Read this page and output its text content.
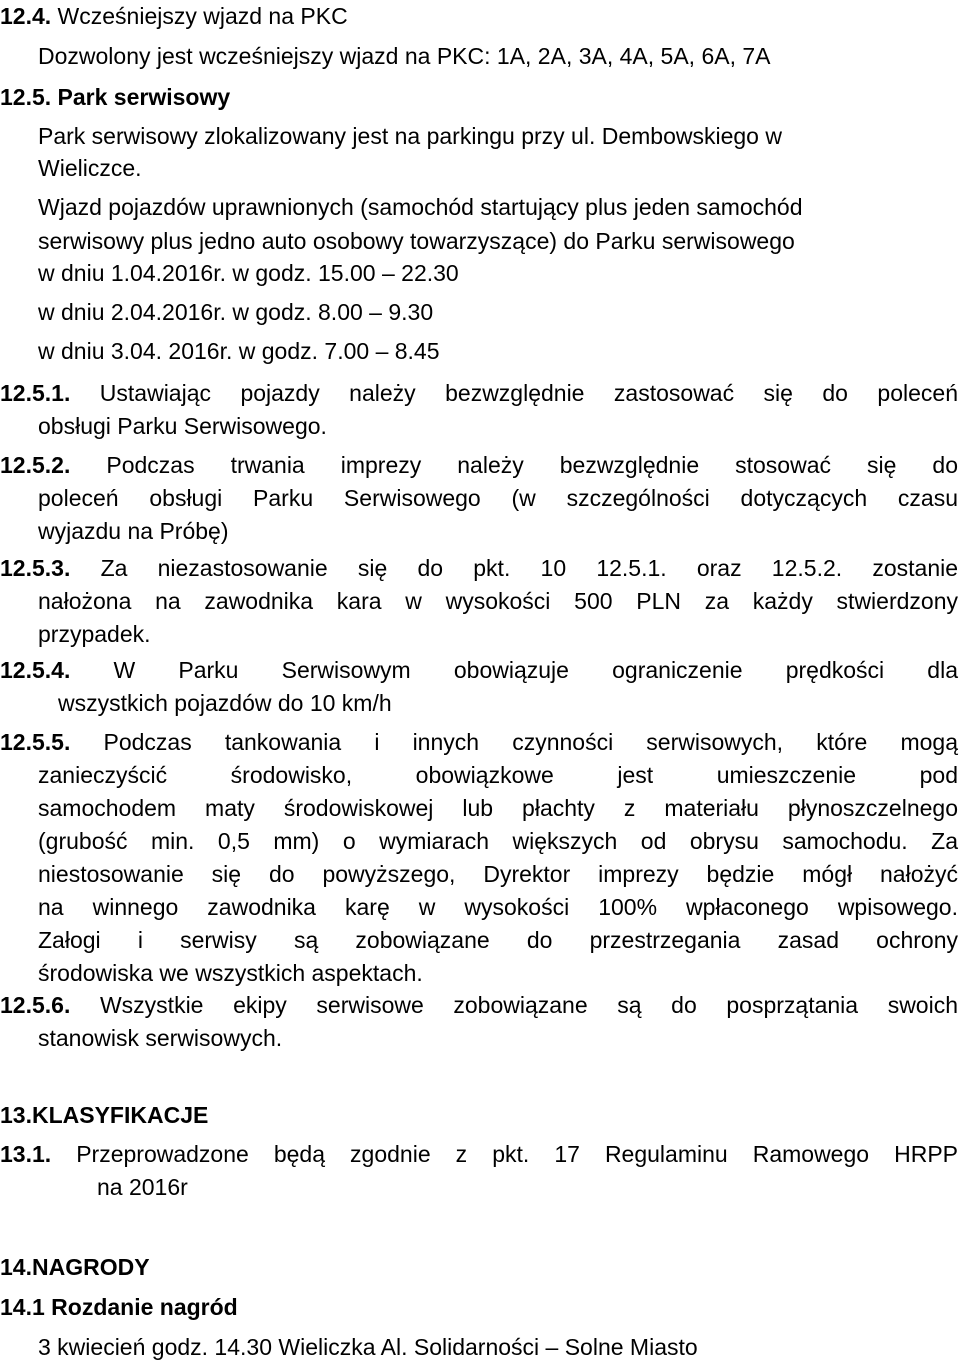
12.4. Wcześniejszy wjazd na PKC
Dozwolony jest wcześniejszy wjazd na PKC: 1A, 2A, 3A, 4A, 5A, 6A, 7A
12.5. Park serwisowy
Park serwisowy zlokalizowany jest na parkingu przy ul. Dembowskiego w
Wieliczce.
Wjazd pojazdów uprawnionych (samochód startujący plus jeden samochód
serwisowy plus jedno auto osobowy towarzyszące) do Parku serwisowego
w dniu 1.04.2016r. w godz. 15.00 – 22.30
w dniu 2.04.2016r. w godz. 8.00 – 9.30
w dniu 3.04. 2016r. w godz. 7.00 – 8.45
12.5.1. Ustawiając pojazdy należy bezwzględnie zastosować się do poleceń
obsługi Parku Serwisowego.
12.5.2. Podczas trwania imprezy należy bezwzględnie stosować się do
poleceń obsługi Parku Serwisowego (w szczególności dotyczących czasu
wyjazdu na Próbę)
12.5.3. Za niezastosowanie się do pkt. 10 12.5.1. oraz 12.5.2. zostanie
nałożona na zawodnika kara w wysokości 500 PLN za każdy stwierdzony
przypadek.
12.5.4. W Parku Serwisowym obowiązuje ograniczenie prędkości dla
wszystkich pojazdów do 10 km/h
12.5.5. Podczas tankowania i innych czynności serwisowych, które mogą
zanieczyścić środowisko, obowiązkowe jest umieszczenie pod
samochodem maty środowiskowej lub płachty z materiału płynoszczelnego
(grubość min. 0,5 mm) o wymiarach większych od obrysu samochodu. Za
niestosowanie się do powyższego, Dyrektor imprezy będzie mógł nałożyć
na winnego zawodnika karę w wysokości 100% wpłaconego wpisowego.
Załogi i serwisy są zobowiązane do przestrzegania zasad ochrony
środowiska we wszystkich aspektach.
12.5.6. Wszystkie ekipy serwisowe zobowiązane są do posprzątania swoich
stanowisk serwisowych.
13.KLASYFIKACJE
13.1. Przeprowadzone będą zgodnie z pkt. 17 Regulaminu Ramowego HRPP
na 2016r
14.NAGRODY
14.1 Rozdanie nagród
3 kwiecień godz. 14.30 Wieliczka Al. Solidarności – Solne Miasto
